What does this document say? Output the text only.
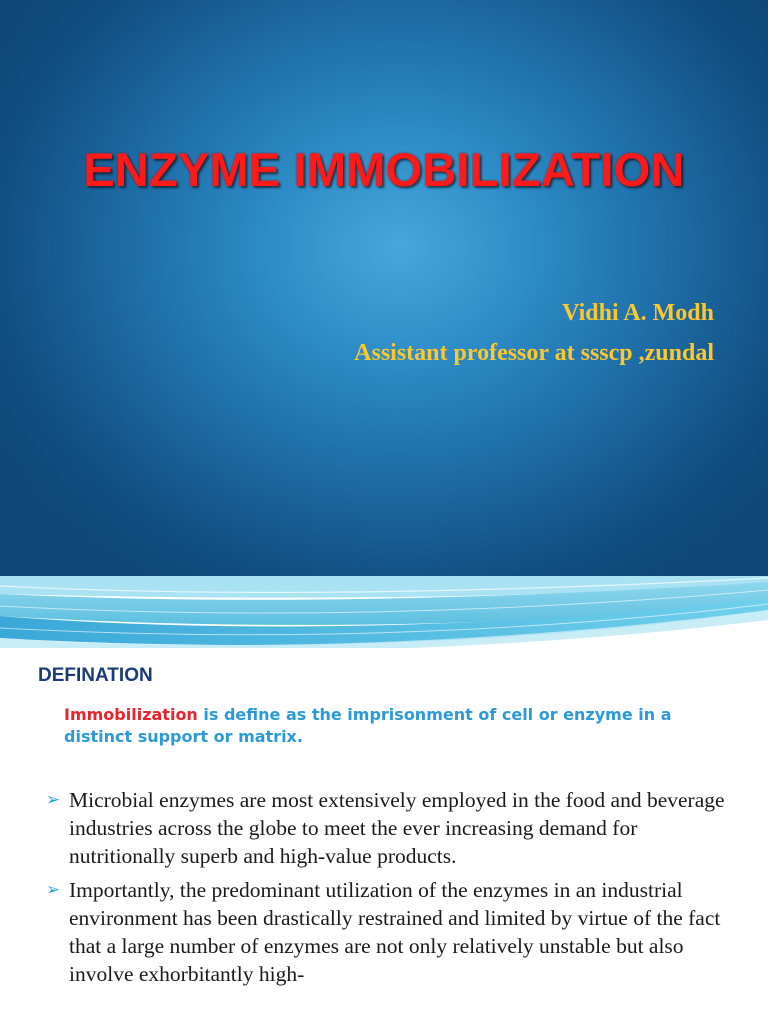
ENZYME IMMOBILIZATION

Vidhi A. Modh

Assistant professor at ssscp ,zundal

DEFINATION

Immobilization is define as the imprisonment of cell or enzyme in a distinct support or matrix.

➢ Microbial enzymes are most extensively employed in the food and beverage industries across the globe to meet the ever increasing demand for nutritionally superb and high-value products.
➢ Importantly, the predominant utilization of the enzymes in an industrial environment has been drastically restrained and limited by virtue of the fact that a large number of enzymes are not only relatively unstable but also involve exhorbitantly high-
